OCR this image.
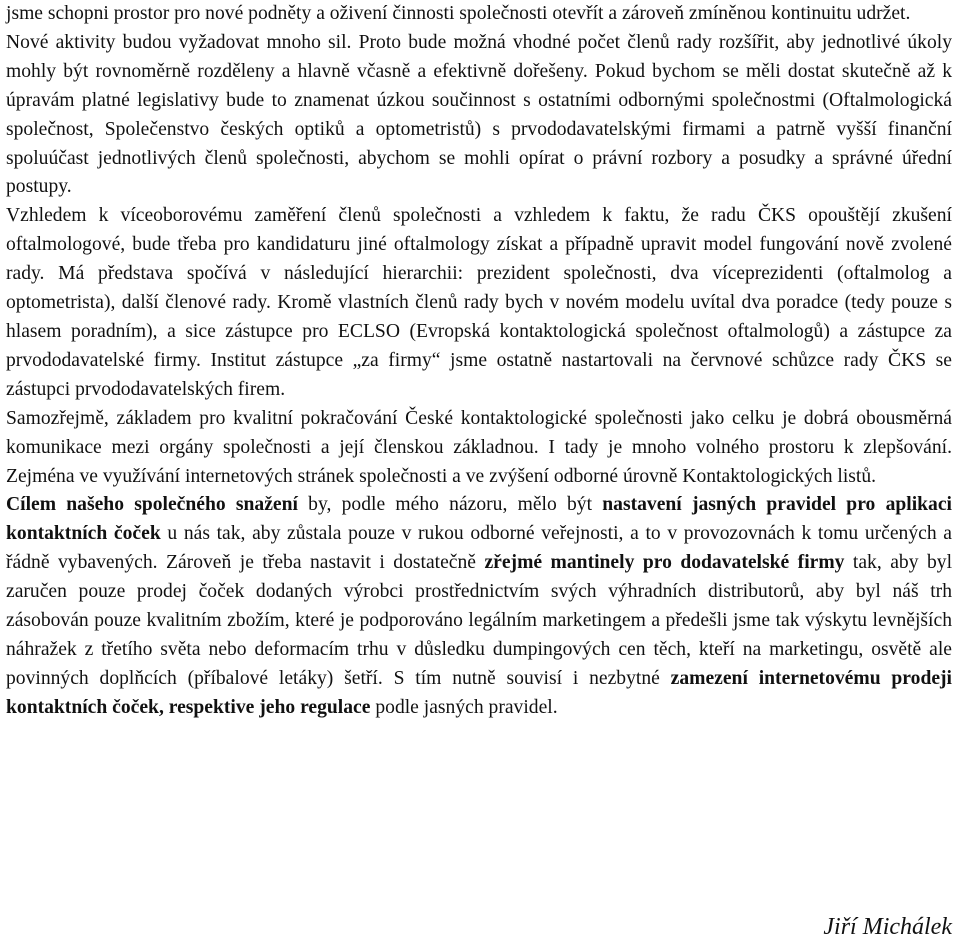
jsme schopni prostor pro nové podněty a oživení činnosti společnosti otevřít a zároveň zmíněnou kontinuitu udržet.

Nové aktivity budou vyžadovat mnoho sil. Proto bude možná vhodné počet členů rady rozšířit, aby jednotlivé úkoly mohly být rovnoměrně rozděleny a hlavně včasně a efektivně dořešeny. Pokud bychom se měli dostat skutečně až k úpravám platné legislativy bude to znamenat úzkou součinnost s ostatními odbornými společnostmi (Oftalmologická společnost, Společenstvo českých optiků a optometristů) s prvododavatelskými firmami a patrně vyšší finanční spoluúčast jednotlivých členů společnosti, abychom se mohli opírat o právní rozbory a posudky a správné úřední postupy.

Vzhledem k víceoborovému zaměření členů společnosti a vzhledem k faktu, že radu ČKS opouštějí zkušení oftalmologové, bude třeba pro kandidaturu jiné oftalmology získat a případně upravit model fungování nově zvolené rady. Má představa spočívá v následující hierarchii: prezident společnosti, dva víceprezidenti (oftalmolog a optometrista), další členové rady. Kromě vlastních členů rady bych v novém modelu uvítal dva poradce (tedy pouze s hlasem poradním), a sice zástupce pro ECLSO (Evropská kontaktologická společnost oftalmologů) a zástupce za prvododavatelské firmy. Institut zástupce „za firmy“ jsme ostatně nastartovali na červnové schůzce rady ČKS se zástupci prvododavatelských firem.

Samozřejmě, základem pro kvalitní pokračování České kontaktologické společnosti jako celku je dobrá obousměrná komunikace mezi orgány společnosti a její členskou základnou. I tady je mnoho volného prostoru k zlepšování. Zejména ve využívání internetových stránek společnosti a ve zvýšení odborné úrovně Kontaktologických listů.

Cílem našeho společného snažení by, podle mého názoru, mělo být nastavení jasných pravidel pro aplikaci kontaktních čoček u nás tak, aby zůstala pouze v rukou odborné veřejnosti, a to v provozovnách k tomu určených a řádně vybavených. Zároveň je třeba nastavit i dostatečně zřejmé mantinely pro dodavatelské firmy tak, aby byl zaručen pouze prodej čoček dodaných výrobci prostřednictvím svých výhradních distributorů, aby byl náš trh zásobován pouze kvalitním zbožím, které je podporováno legálním marketingem a předešli jsme tak výskytu levnějších náhražek z třetího světa nebo deformacím trhu v důsledku dumpingových cen těch, kteří na marketingu, osvětě ale povinných doplňcích (příbalové letáky) šetří. S tím nutně souvisí i nezbytné zamezení internetovému prodeji kontaktních čoček, respektive jeho regulace podle jasných pravidel.

Jiří Michálek
